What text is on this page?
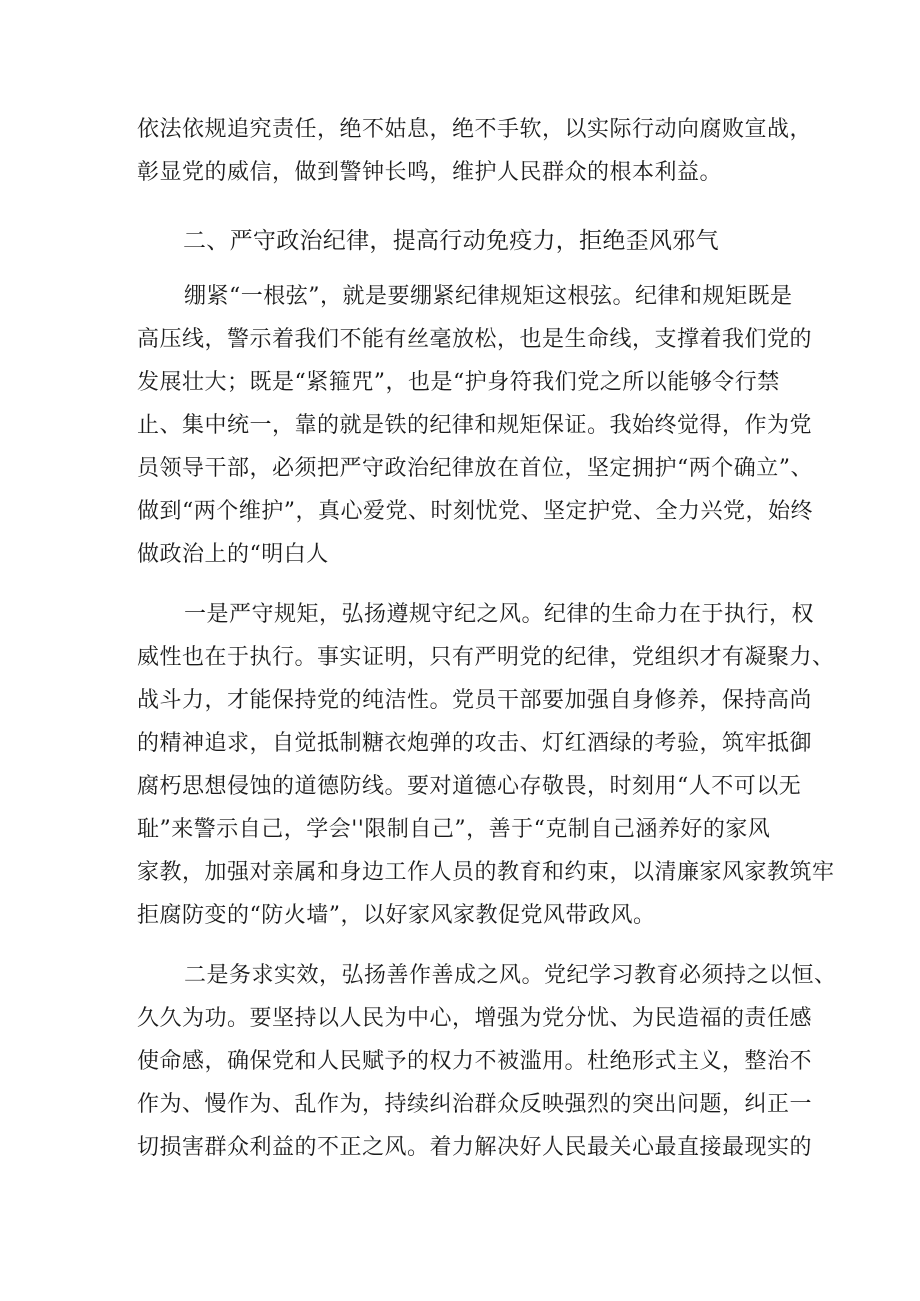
依法依规追究责任，绝不姑息，绝不手软，以实际行动向腐败宣战，
彰显党的威信，做到警钟长鸣，维护人民群众的根本利益。
二、严守政治纪律，提高行动免疫力，拒绝歪风邪气
绷紧“一根弦”，就是要绷紧纪律规矩这根弦。纪律和规矩既是
高压线，警示着我们不能有丝毫放松，也是生命线，支撑着我们党的
发展壮大；既是“紧箍咒”，也是“护身符我们党之所以能够令行禁
止、集中统一，靠的就是铁的纪律和规矩保证。我始终觉得，作为党
员领导干部，必须把严守政治纪律放在首位，坚定拥护“两个确立”、
做到“两个维护”，真心爱党、时刻忧党、坚定护党、全力兴党，始终
做政治上的“明白人
一是严守规矩，弘扬遵规守纪之风。纪律的生命力在于执行，权
威性也在于执行。事实证明，只有严明党的纪律，党组织才有凝聚力、
战斗力，才能保持党的纯洁性。党员干部要加强自身修养，保持高尚
的精神追求，自觉抵制糖衣炮弹的攻击、灯红酒绿的考验，筑牢抵御
腐朽思想侵蚀的道德防线。要对道德心存敬畏，时刻用“人不可以无
耻”来警示自己，学会''限制自己”，善于“克制自己涵养好的家风
家教，加强对亲属和身边工作人员的教育和约束，以清廉家风家教筑牢
拒腐防变的“防火墙”，以好家风家教促党风带政风。
二是务求实效，弘扬善作善成之风。党纪学习教育必须持之以恒、
久久为功。要坚持以人民为中心，增强为党分忧、为民造福的责任感
使命感，确保党和人民赋予的权力不被滥用。杜绝形式主义，整治不
作为、慢作为、乱作为，持续纠治群众反映强烈的突出问题，纠正一
切损害群众利益的不正之风。着力解决好人民最关心最直接最现实的
